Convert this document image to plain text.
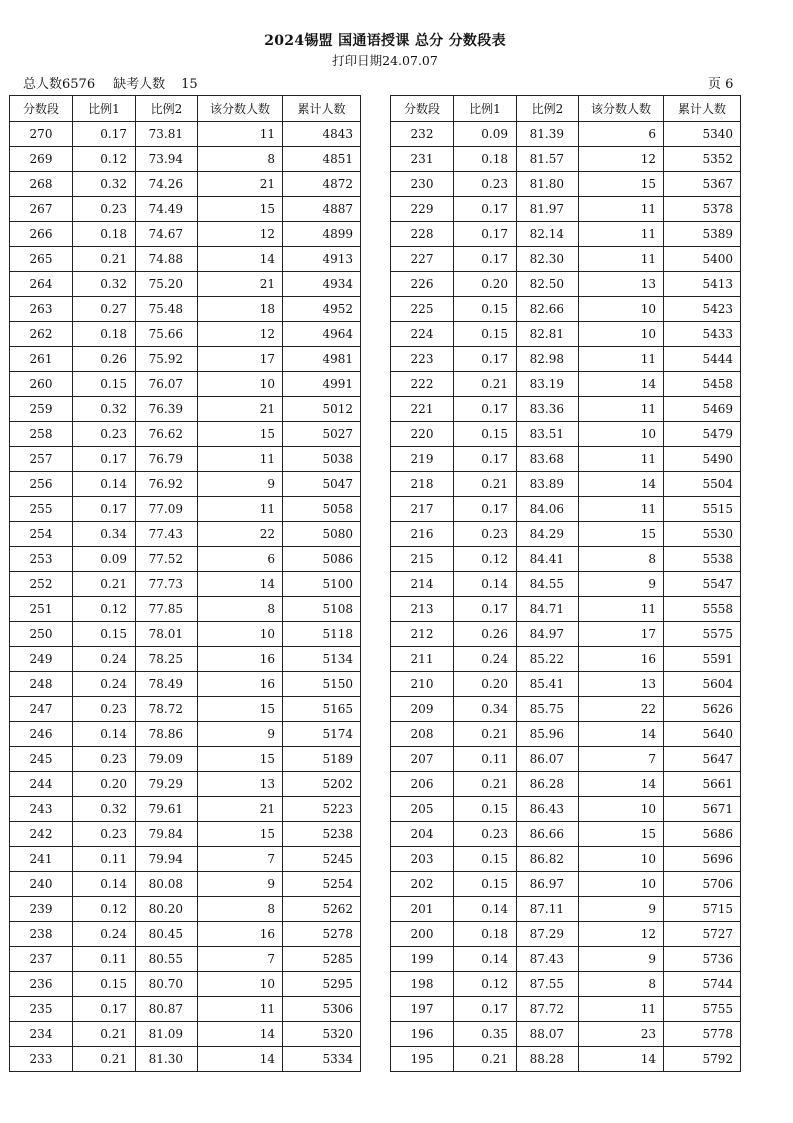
2024锡盟 国通语授课 总分 分数段表
打印日期24.07.07
总人数6576 缺考人数 15	页 6
分数段	比例1	比例2	该分数人数	累计人数
270	0.17	73.81	11	4843
269	0.12	73.94	8	4851
268	0.32	74.26	21	4872
267	0.23	74.49	15	4887
266	0.18	74.67	12	4899
265	0.21	74.88	14	4913
264	0.32	75.20	21	4934
263	0.27	75.48	18	4952
262	0.18	75.66	12	4964
261	0.26	75.92	17	4981
260	0.15	76.07	10	4991
259	0.32	76.39	21	5012
258	0.23	76.62	15	5027
257	0.17	76.79	11	5038
256	0.14	76.92	9	5047
255	0.17	77.09	11	5058
254	0.34	77.43	22	5080
253	0.09	77.52	6	5086
252	0.21	77.73	14	5100
251	0.12	77.85	8	5108
250	0.15	78.01	10	5118
249	0.24	78.25	16	5134
248	0.24	78.49	16	5150
247	0.23	78.72	15	5165
246	0.14	78.86	9	5174
245	0.23	79.09	15	5189
244	0.20	79.29	13	5202
243	0.32	79.61	21	5223
242	0.23	79.84	15	5238
241	0.11	79.94	7	5245
240	0.14	80.08	9	5254
239	0.12	80.20	8	5262
238	0.24	80.45	16	5278
237	0.11	80.55	7	5285
236	0.15	80.70	10	5295
235	0.17	80.87	11	5306
234	0.21	81.09	14	5320
233	0.21	81.30	14	5334
分数段	比例1	比例2	该分数人数	累计人数
232	0.09	81.39	6	5340
231	0.18	81.57	12	5352
230	0.23	81.80	15	5367
229	0.17	81.97	11	5378
228	0.17	82.14	11	5389
227	0.17	82.30	11	5400
226	0.20	82.50	13	5413
225	0.15	82.66	10	5423
224	0.15	82.81	10	5433
223	0.17	82.98	11	5444
222	0.21	83.19	14	5458
221	0.17	83.36	11	5469
220	0.15	83.51	10	5479
219	0.17	83.68	11	5490
218	0.21	83.89	14	5504
217	0.17	84.06	11	5515
216	0.23	84.29	15	5530
215	0.12	84.41	8	5538
214	0.14	84.55	9	5547
213	0.17	84.71	11	5558
212	0.26	84.97	17	5575
211	0.24	85.22	16	5591
210	0.20	85.41	13	5604
209	0.34	85.75	22	5626
208	0.21	85.96	14	5640
207	0.11	86.07	7	5647
206	0.21	86.28	14	5661
205	0.15	86.43	10	5671
204	0.23	86.66	15	5686
203	0.15	86.82	10	5696
202	0.15	86.97	10	5706
201	0.14	87.11	9	5715
200	0.18	87.29	12	5727
199	0.14	87.43	9	5736
198	0.12	87.55	8	5744
197	0.17	87.72	11	5755
196	0.35	88.07	23	5778
195	0.21	88.28	14	5792
